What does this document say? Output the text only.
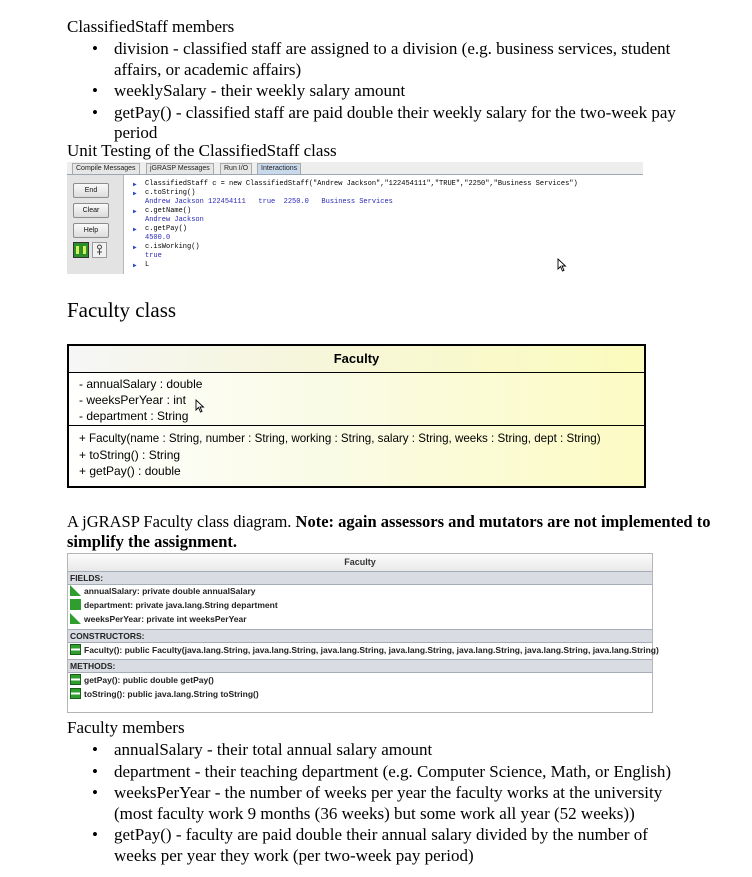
ClassifiedStaff members
• division - classified staff are assigned to a division (e.g. business services, student
affairs, or academic affairs)
• weeklySalary - their weekly salary amount
• getPay() - classified staff are paid double their weekly salary for the two-week pay
period
Unit Testing of the ClassifiedStaff class
Compile Messages	jGRASP Messages	Run I/O	Interactions
End
Clear
Help
▶ ClassifiedStaff c = new ClassifiedStaff("Andrew Jackson","122454111","TRUE","2250","Business Services")
▶ c.toString()
Andrew Jackson 122454111   true  2250.0   Business Services
▶ c.getName()
Andrew Jackson
▶ c.getPay()
4500.0
▶ c.isWorking()
true
▶ L
Faculty class
Faculty
- annualSalary : double
- weeksPerYear : int
- department : String
+ Faculty(name : String, number : String, working : String, salary : String, weeks : String, dept : String)
+ toString() : String
+ getPay() : double
A jGRASP Faculty class diagram. Note: again assessors and mutators are not implemented to simplify the assignment.
Faculty
FIELDS:
annualSalary: private double annualSalary
department: private java.lang.String department
weeksPerYear: private int weeksPerYear
CONSTRUCTORS:
Faculty(): public Faculty(java.lang.String, java.lang.String, java.lang.String, java.lang.String, java.lang.String, java.lang.String, java.lang.String)
METHODS:
getPay(): public double getPay()
toString(): public java.lang.String toString()
Faculty members
• annualSalary - their total annual salary amount
• department - their teaching department (e.g. Computer Science, Math, or English)
• weeksPerYear - the number of weeks per year the faculty works at the university
(most faculty work 9 months (36 weeks) but some work all year (52 weeks))
• getPay() - faculty are paid double their annual salary divided by the number of
weeks per year they work (per two-week pay period)
